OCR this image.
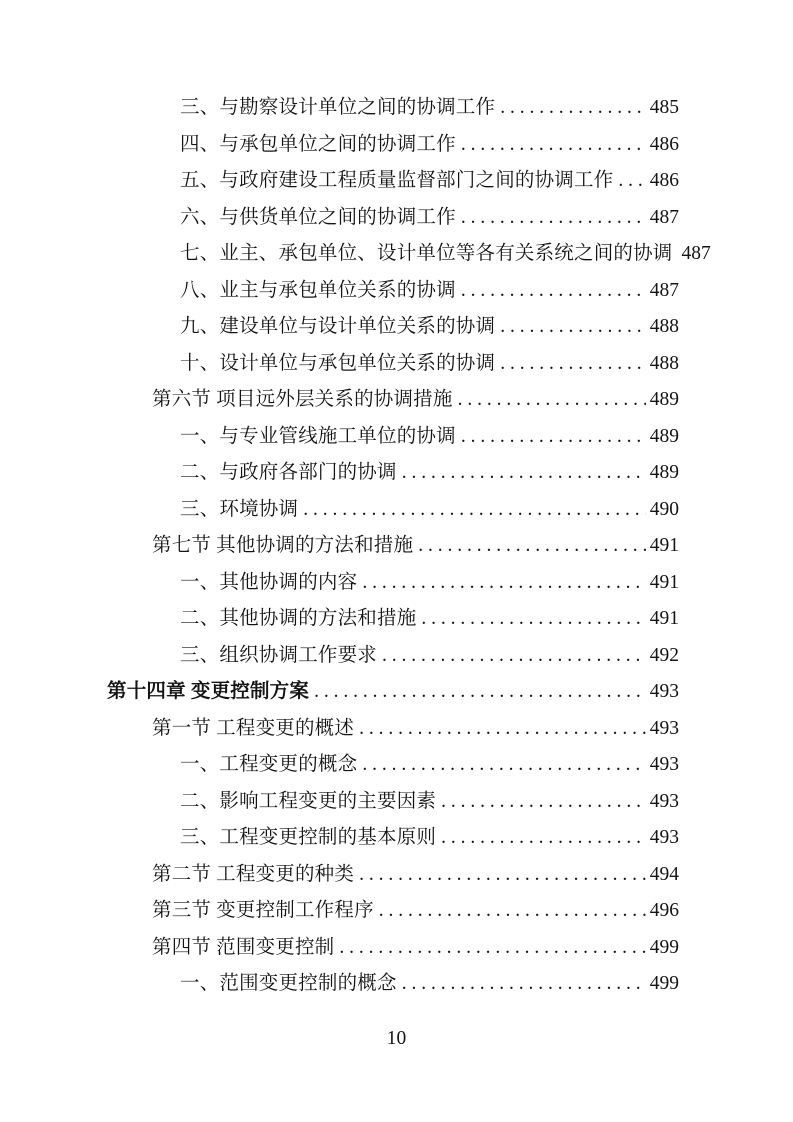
三、与勘察设计单位之间的协调工作 . . .	485
四、与承包单位之间的协调工作 . . .	486
五、与政府建设工程质量监督部门之间的协调工作 . . . 486
六、与供货单位之间的协调工作 . . .	487
七、业主、承包单位、设计单位等各有关系统之间的协调 487
八、业主与承包单位关系的协调 . . .	487
九、建设单位与设计单位关系的协调 . . .	488
十、设计单位与承包单位关系的协调 . . .	488
第六节 项目远外层关系的协调措施 . . .	489
一、与专业管线施工单位的协调 . . .	489
二、与政府各部门的协调 . . .	489
三、环境协调 . . .	490
第七节 其他协调的方法和措施 . . .	491
一、其他协调的内容 . . .	491
二、其他协调的方法和措施 . . .	491
三、组织协调工作要求 . . .	492
第十四章 变更控制方案 . . .	493
第一节 工程变更的概述 . . .	493
一、工程变更的概念 . . .	493
二、影响工程变更的主要因素 . . .	493
三、工程变更控制的基本原则 . . .	493
第二节 工程变更的种类 . . .	494
第三节 变更控制工作程序 . . .	496
第四节 范围变更控制 . . .	499
一、范围变更控制的概念 . . .	499
10
